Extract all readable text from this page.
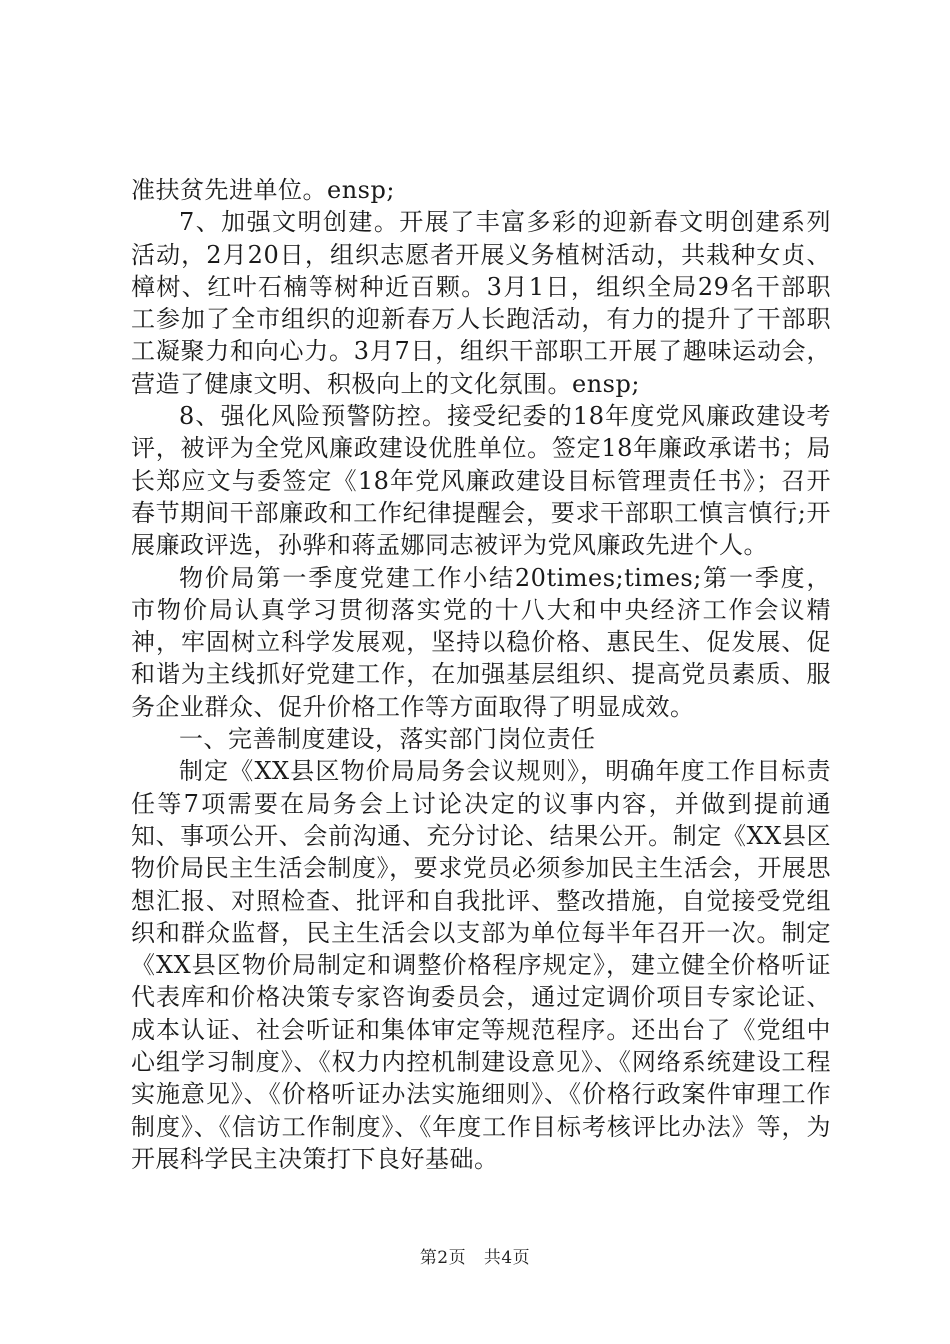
准扶贫先进单位。ensp;

7、加强文明创建。开展了丰富多彩的迎新春文明创建系列活动，2月20日，组织志愿者开展义务植树活动，共栽种女贞、樟树、红叶石楠等树种近百颗。3月1日，组织全局29名干部职工参加了全市组织的迎新春万人长跑活动，有力的提升了干部职工凝聚力和向心力。3月7日，组织干部职工开展了趣味运动会，营造了健康文明、积极向上的文化氛围。ensp;

8、强化风险预警防控。接受纪委的18年度党风廉政建设考评，被评为全党风廉政建设优胜单位。签定18年廉政承诺书；局长郑应文与委签定《18年党风廉政建设目标管理责任书》；召开春节期间干部廉政和工作纪律提醒会，要求干部职工慎言慎行;开展廉政评选，孙骅和蒋孟娜同志被评为党风廉政先进个人。

物价局第一季度党建工作小结20times;times;第一季度，市物价局认真学习贯彻落实党的十八大和中央经济工作会议精神，牢固树立科学发展观，坚持以稳价格、惠民生、促发展、促和谐为主线抓好党建工作，在加强基层组织、提高党员素质、服务企业群众、促升价格工作等方面取得了明显成效。

一、完善制度建设，落实部门岗位责任

制定《XX县区物价局局务会议规则》，明确年度工作目标责任等7项需要在局务会上讨论决定的议事内容，并做到提前通知、事项公开、会前沟通、充分讨论、结果公开。制定《XX县区物价局民主生活会制度》，要求党员必须参加民主生活会，开展思想汇报、对照检查、批评和自我批评、整改措施，自觉接受党组织和群众监督，民主生活会以支部为单位每半年召开一次。制定《XX县区物价局制定和调整价格程序规定》，建立健全价格听证代表库和价格决策专家咨询委员会，通过定调价项目专家论证、成本认证、社会听证和集体审定等规范程序。还出台了《党组中心组学习制度》、《权力内控机制建设意见》、《网络系统建设工程实施意见》、《价格听证办法实施细则》、《价格行政案件审理工作制度》、《信访工作制度》、《年度工作目标考核评比办法》等，为开展科学民主决策打下良好基础。

第2页 共4页
